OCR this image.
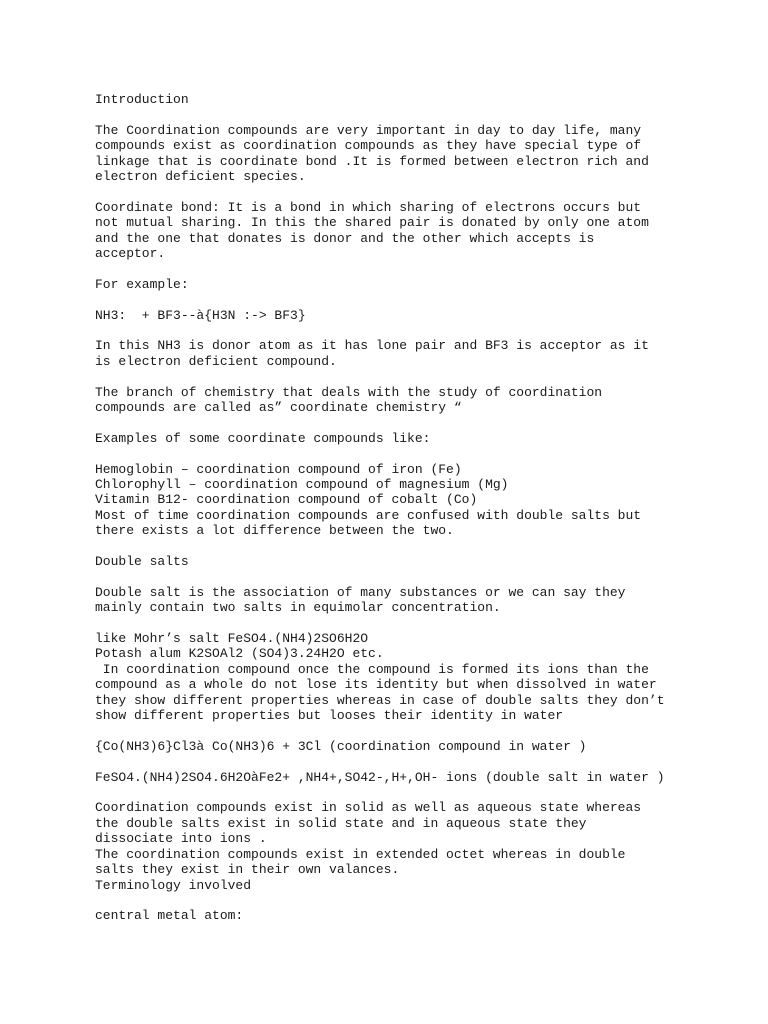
Introduction
The Coordination compounds are very important in day to day life, many
compounds exist as coordination compounds as they have special type of
linkage that is coordinate bond .It is formed between electron rich and
electron deficient species.
Coordinate bond: It is a bond in which sharing of electrons occurs but
not mutual sharing. In this the shared pair is donated by only one atom
and the one that donates is donor and the other which accepts is
acceptor.
For example:
NH3:  + BF3--à{H3N :-> BF3}
In this NH3 is donor atom as it has lone pair and BF3 is acceptor as it
is electron deficient compound.
The branch of chemistry that deals with the study of coordination
compounds are called as” coordinate chemistry “
Examples of some coordinate compounds like:
Hemoglobin – coordination compound of iron (Fe)
Chlorophyll – coordination compound of magnesium (Mg)
Vitamin B12- coordination compound of cobalt (Co)
Most of time coordination compounds are confused with double salts but
there exists a lot difference between the two.
Double salts
Double salt is the association of many substances or we can say they
mainly contain two salts in equimolar concentration.
like Mohr’s salt FeSO4.(NH4)2SO6H2O
Potash alum K2SOAl2 (SO4)3.24H2O etc.
In coordination compound once the compound is formed its ions than the
compound as a whole do not lose its identity but when dissolved in water
they show different properties whereas in case of double salts they don’t
show different properties but looses their identity in water
{Co(NH3)6}Cl3à Co(NH3)6 + 3Cl (coordination compound in water )
FeSO4.(NH4)2SO4.6H2OàFe2+ ,NH4+,SO42-,H+,OH- ions (double salt in water )
Coordination compounds exist in solid as well as aqueous state whereas
the double salts exist in solid state and in aqueous state they
dissociate into ions .
The coordination compounds exist in extended octet whereas in double
salts they exist in their own valances.
Terminology involved
central metal atom:
